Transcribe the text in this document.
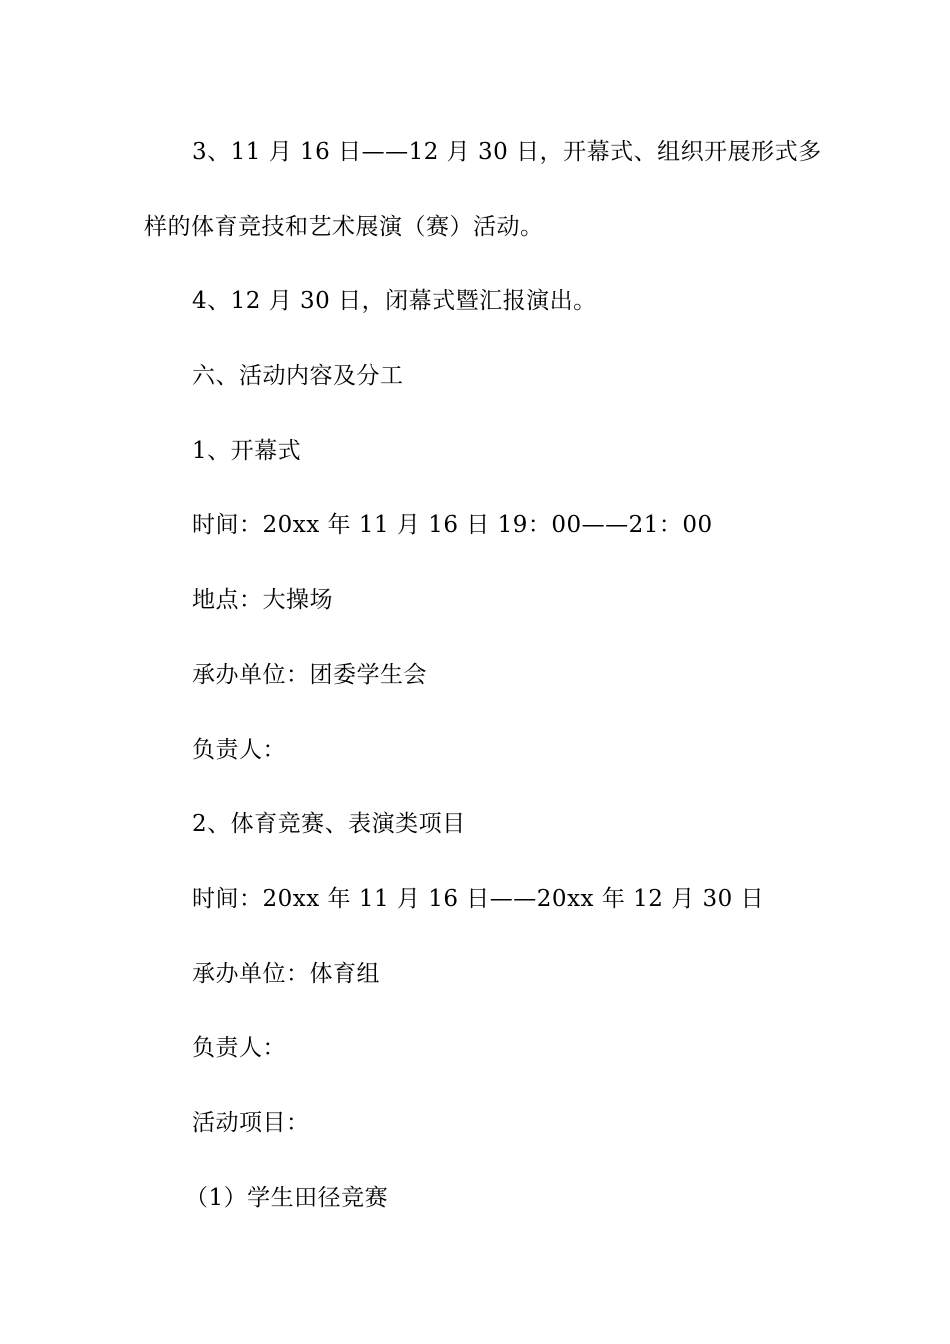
3、11 月 16 日——12 月 30 日，开幕式、组织开展形式多
样的体育竞技和艺术展演（赛）活动。
4、12 月 30 日，闭幕式暨汇报演出。
六、活动内容及分工
1、开幕式
时间：20xx 年 11 月 16 日 19：00——21：00
地点：大操场
承办单位：团委学生会
负责人：
2、体育竞赛、表演类项目
时间：20xx 年 11 月 16 日——20xx 年 12 月 30 日
承办单位：体育组
负责人：
活动项目：
（1）学生田径竞赛
